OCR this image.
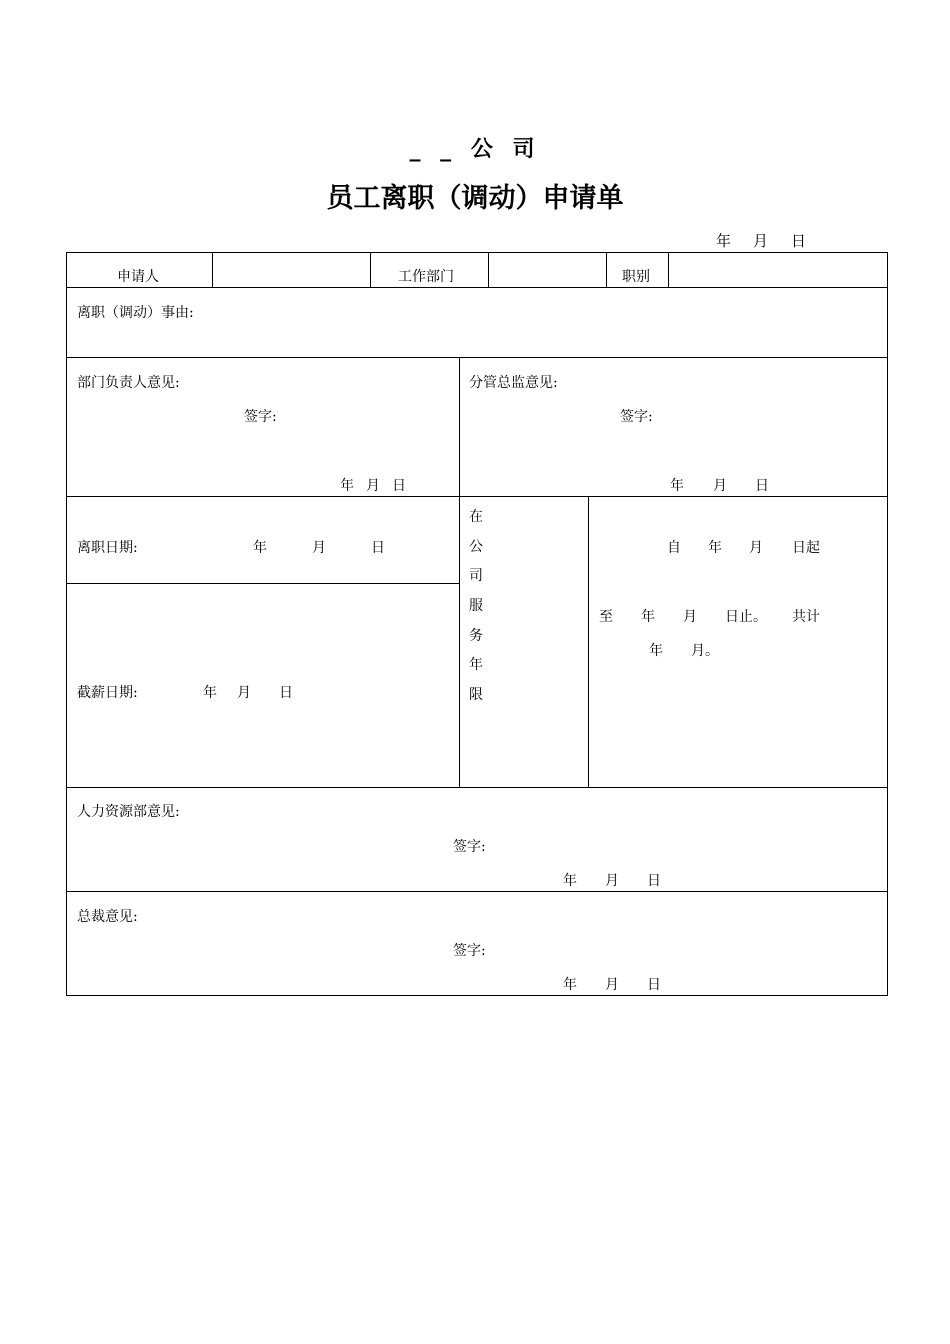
_ _ 公 司
员工离职（调动）申请单
年 月 日
申请人	工作部门	职别
离职（调动）事由:
部门负责人意见:
签字:
年 月 日
分管总监意见:
签字:
年 月 日
离职日期:	年	月	日
截薪日期:	年 月 日
在
公
司
服
务
年
限
自 年 月 日起
至 年 月 日止。 共计
年 月。
人力资源部意见:
签字:
年 月 日
总裁意见:
签字:
年 月 日
